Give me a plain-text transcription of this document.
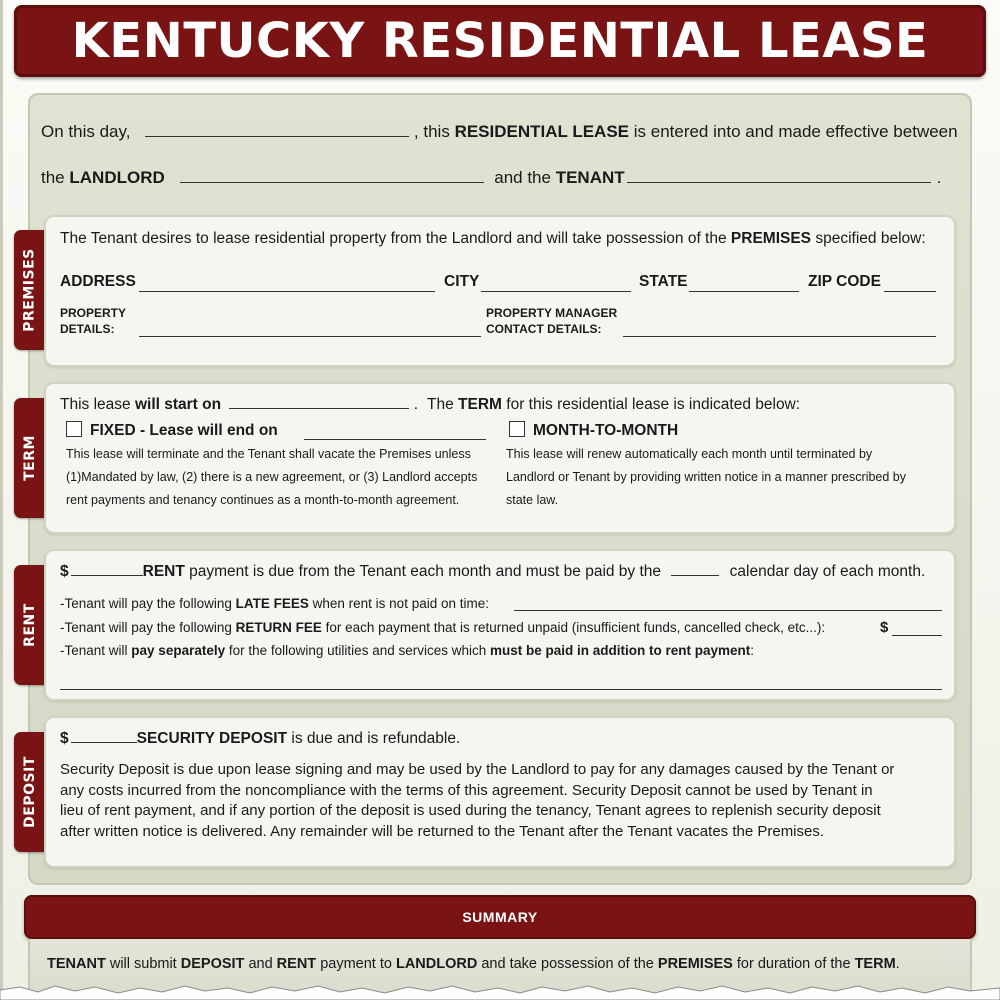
KENTUCKY RESIDENTIAL LEASE
On this day,	, this RESIDENTIAL LEASE is entered into and made effective between
the LANDLORD	and the TENANT	.
PREMISES
The Tenant desires to lease residential property from the Landlord and will take possession of the PREMISES specified below:
ADDRESS	CITY	STATE	ZIP CODE
PROPERTY
DETAILS:
PROPERTY MANAGER
CONTACT DETAILS:
TERM
This lease will start on	. The TERM for this residential lease is indicated below:
FIXED - Lease will end on
This lease will terminate and the Tenant shall vacate the Premises unless
(1)Mandated by law, (2) there is a new agreement, or (3) Landlord accepts
rent payments and tenancy continues as a month-to-month agreement.
MONTH-TO-MONTH
This lease will renew automatically each month until terminated by
Landlord or Tenant by providing written notice in a manner prescribed by
state law.
RENT
$	RENT payment is due from the Tenant each month and must be paid by the	calendar day of each month.
-Tenant will pay the following LATE FEES when rent is not paid on time:
-Tenant will pay the following RETURN FEE for each payment that is returned unpaid (insufficient funds, cancelled check, etc...):	$
-Tenant will pay separately for the following utilities and services which must be paid in addition to rent payment:
DEPOSIT
$	SECURITY DEPOSIT is due and is refundable.
Security Deposit is due upon lease signing and may be used by the Landlord to pay for any damages caused by the Tenant or
any costs incurred from the noncompliance with the terms of this agreement. Security Deposit cannot be used by Tenant in
lieu of rent payment, and if any portion of the deposit is used during the tenancy, Tenant agrees to replenish security deposit
after written notice is delivered. Any remainder will be returned to the Tenant after the Tenant vacates the Premises.
SUMMARY
TENANT will submit DEPOSIT and RENT payment to LANDLORD and take possession of the PREMISES for duration of the TERM.
